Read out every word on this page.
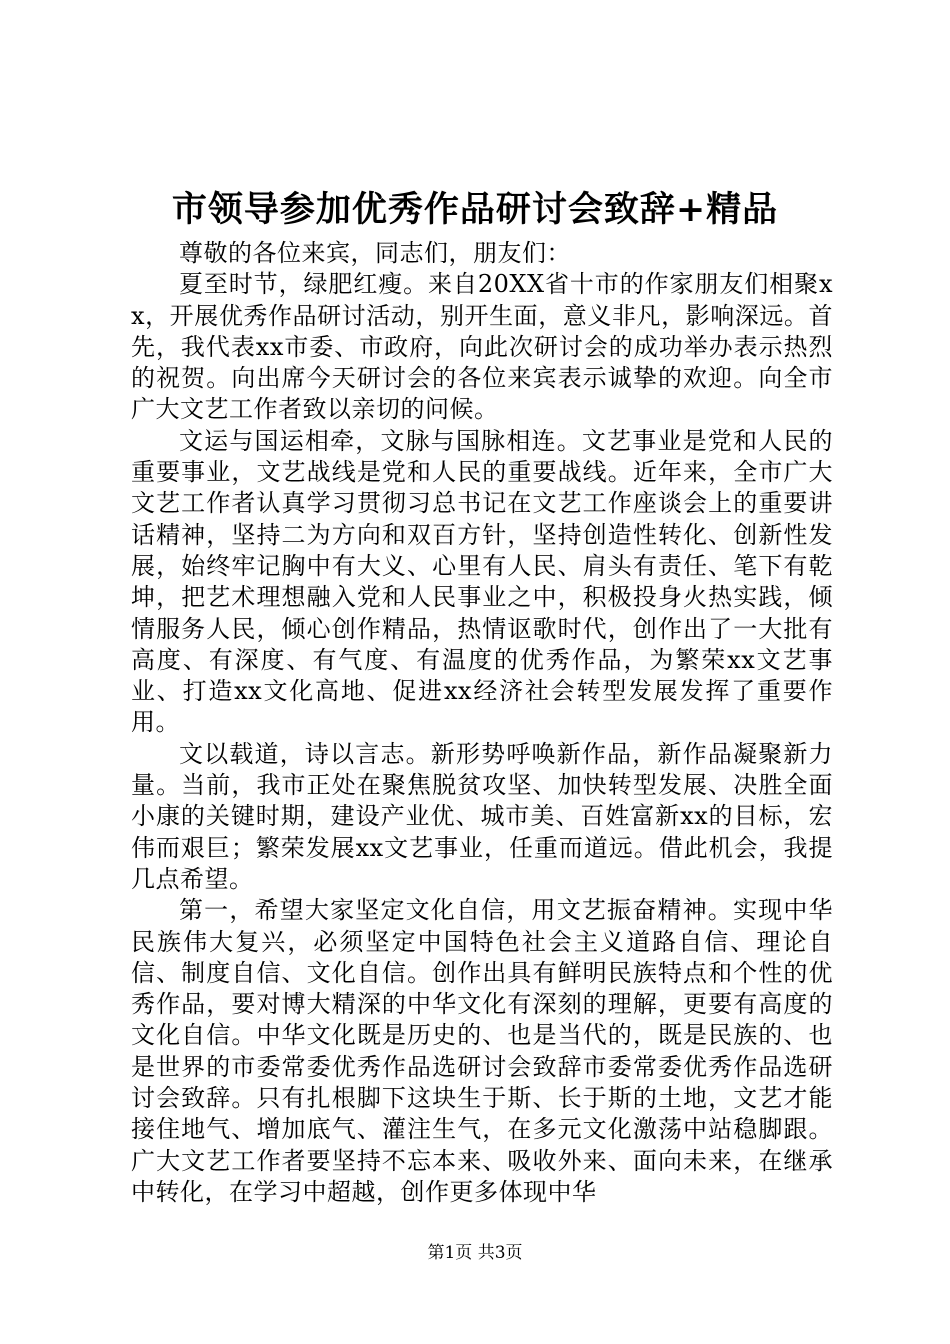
市领导参加优秀作品研讨会致辞+精品

尊敬的各位来宾，同志们，朋友们：

夏至时节，绿肥红瘦。来自20XX省十市的作家朋友们相聚xx，开展优秀作品研讨活动，别开生面，意义非凡，影响深远。首先，我代表xx市委、市政府，向此次研讨会的成功举办表示热烈的祝贺。向出席今天研讨会的各位来宾表示诚挚的欢迎。向全市广大文艺工作者致以亲切的问候。

文运与国运相牵，文脉与国脉相连。文艺事业是党和人民的重要事业，文艺战线是党和人民的重要战线。近年来，全市广大文艺工作者认真学习贯彻习总书记在文艺工作座谈会上的重要讲话精神，坚持二为方向和双百方针，坚持创造性转化、创新性发展，始终牢记胸中有大义、心里有人民、肩头有责任、笔下有乾坤，把艺术理想融入党和人民事业之中，积极投身火热实践，倾情服务人民，倾心创作精品，热情讴歌时代，创作出了一大批有高度、有深度、有气度、有温度的优秀作品，为繁荣xx文艺事业、打造xx文化高地、促进xx经济社会转型发展发挥了重要作用。

文以载道，诗以言志。新形势呼唤新作品，新作品凝聚新力量。当前，我市正处在聚焦脱贫攻坚、加快转型发展、决胜全面小康的关键时期，建设产业优、城市美、百姓富新xx的目标，宏伟而艰巨；繁荣发展xx文艺事业，任重而道远。借此机会，我提几点希望。

第一，希望大家坚定文化自信，用文艺振奋精神。实现中华民族伟大复兴，必须坚定中国特色社会主义道路自信、理论自信、制度自信、文化自信。创作出具有鲜明民族特点和个性的优秀作品，要对博大精深的中华文化有深刻的理解，更要有高度的文化自信。中华文化既是历史的、也是当代的，既是民族的、也是世界的市委常委优秀作品选研讨会致辞市委常委优秀作品选研讨会致辞。只有扎根脚下这块生于斯、长于斯的土地，文艺才能接住地气、增加底气、灌注生气，在多元文化激荡中站稳脚跟。广大文艺工作者要坚持不忘本来、吸收外来、面向未来，在继承中转化，在学习中超越，创作更多体现中华

第1页 共3页
